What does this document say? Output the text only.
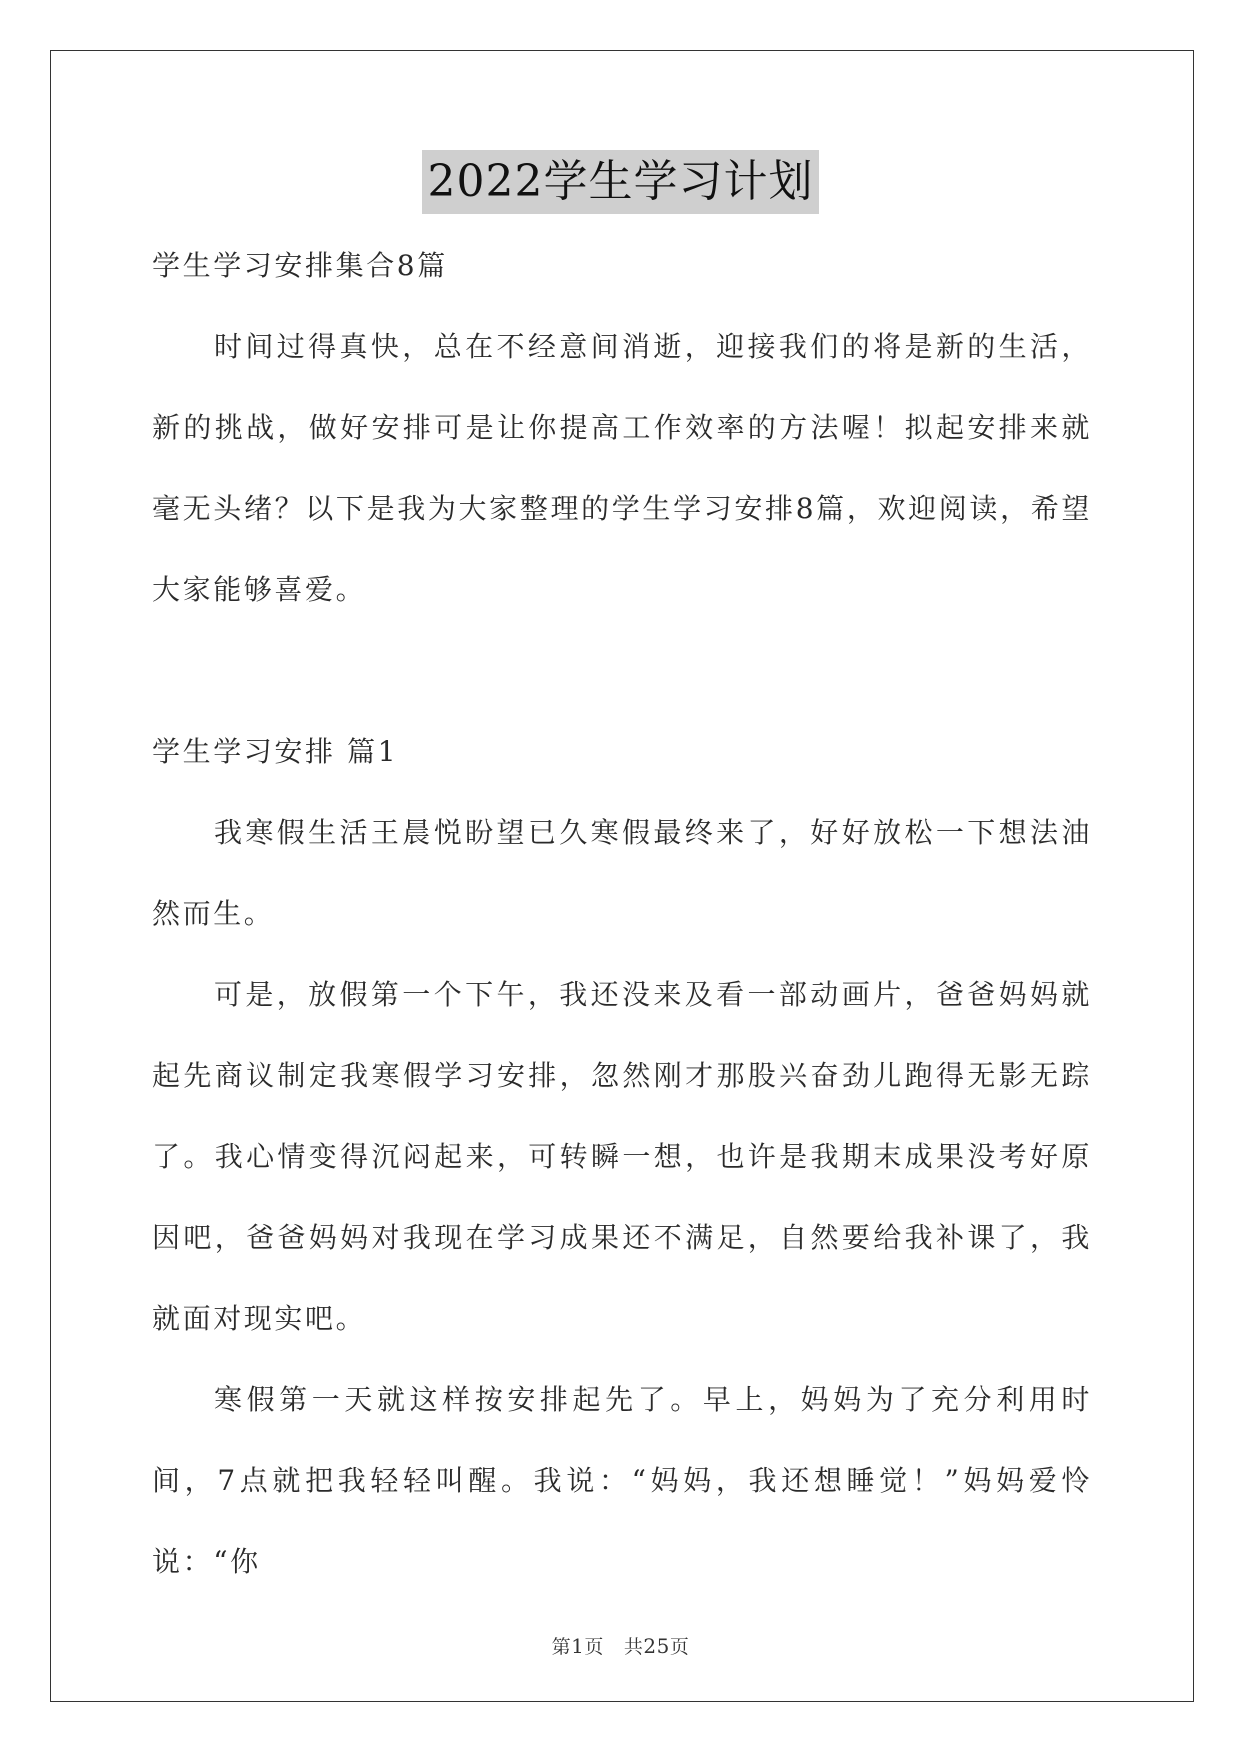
2022学生学习计划

学生学习安排集合8篇

时间过得真快，总在不经意间消逝，迎接我们的将是新的生活，新的挑战，做好安排可是让你提高工作效率的方法喔！拟起安排来就毫无头绪？以下是我为大家整理的学生学习安排8篇，欢迎阅读，希望大家能够喜爱。

学生学习安排 篇1

我寒假生活王晨悦盼望已久寒假最终来了，好好放松一下想法油然而生。
可是，放假第一个下午，我还没来及看一部动画片，爸爸妈妈就起先商议制定我寒假学习安排，忽然刚才那股兴奋劲儿跑得无影无踪了。我心情变得沉闷起来，可转瞬一想，也许是我期末成果没考好原因吧，爸爸妈妈对我现在学习成果还不满足，自然要给我补课了，我就面对现实吧。
寒假第一天就这样按安排起先了。早上，妈妈为了充分利用时间，7点就把我轻轻叫醒。我说：“妈妈，我还想睡觉！”妈妈爱怜说：“你
第1页 共25页
